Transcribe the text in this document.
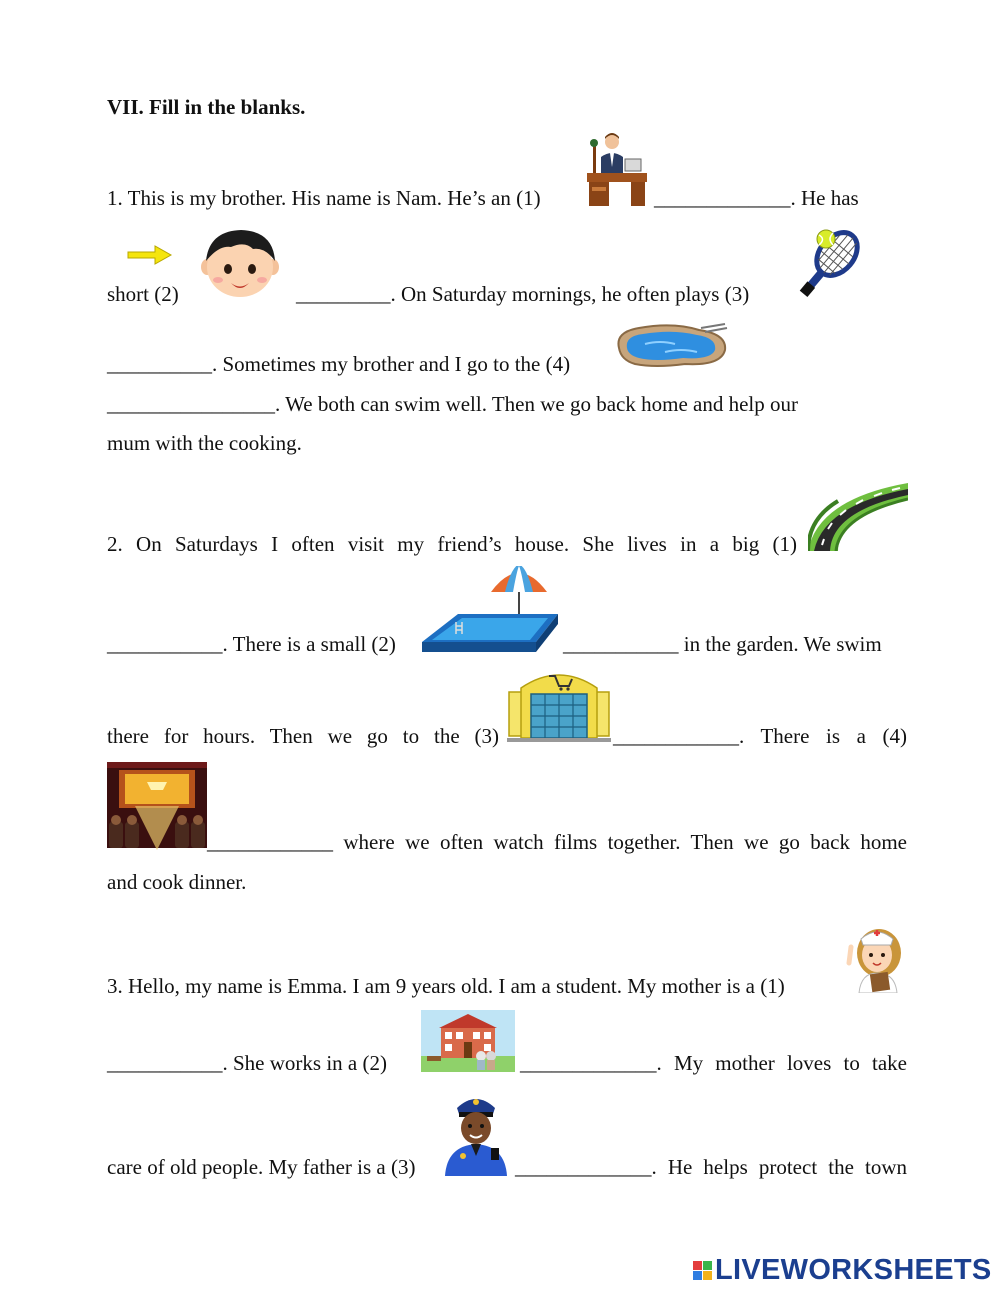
VII. Fill in the blanks.
1. This is my brother. His name is Nam. He’s an (1)	_____________. He has
short (2)	_________. On Saturday mornings, he often plays (3)
__________. Sometimes my brother and I go to the (4)
________________. We both can swim well. Then we go back home and help our
mum with the cooking.
2. On Saturdays I often visit my friend’s house. She lives in a big (1)
___________. There is a small (2)	___________ in the garden. We swim
there for hours. Then we go to the (3)	____________. There is a (4)
____________ where we often watch films together. Then we go back home
and cook dinner.
3. Hello, my name is Emma. I am 9 years old. I am a student. My mother is a (1)
___________. She works in a (2)	_____________. My mother loves to take
care of old people. My father is a (3)	_____________. He helps protect the town
LIVEWORKSHEETS
